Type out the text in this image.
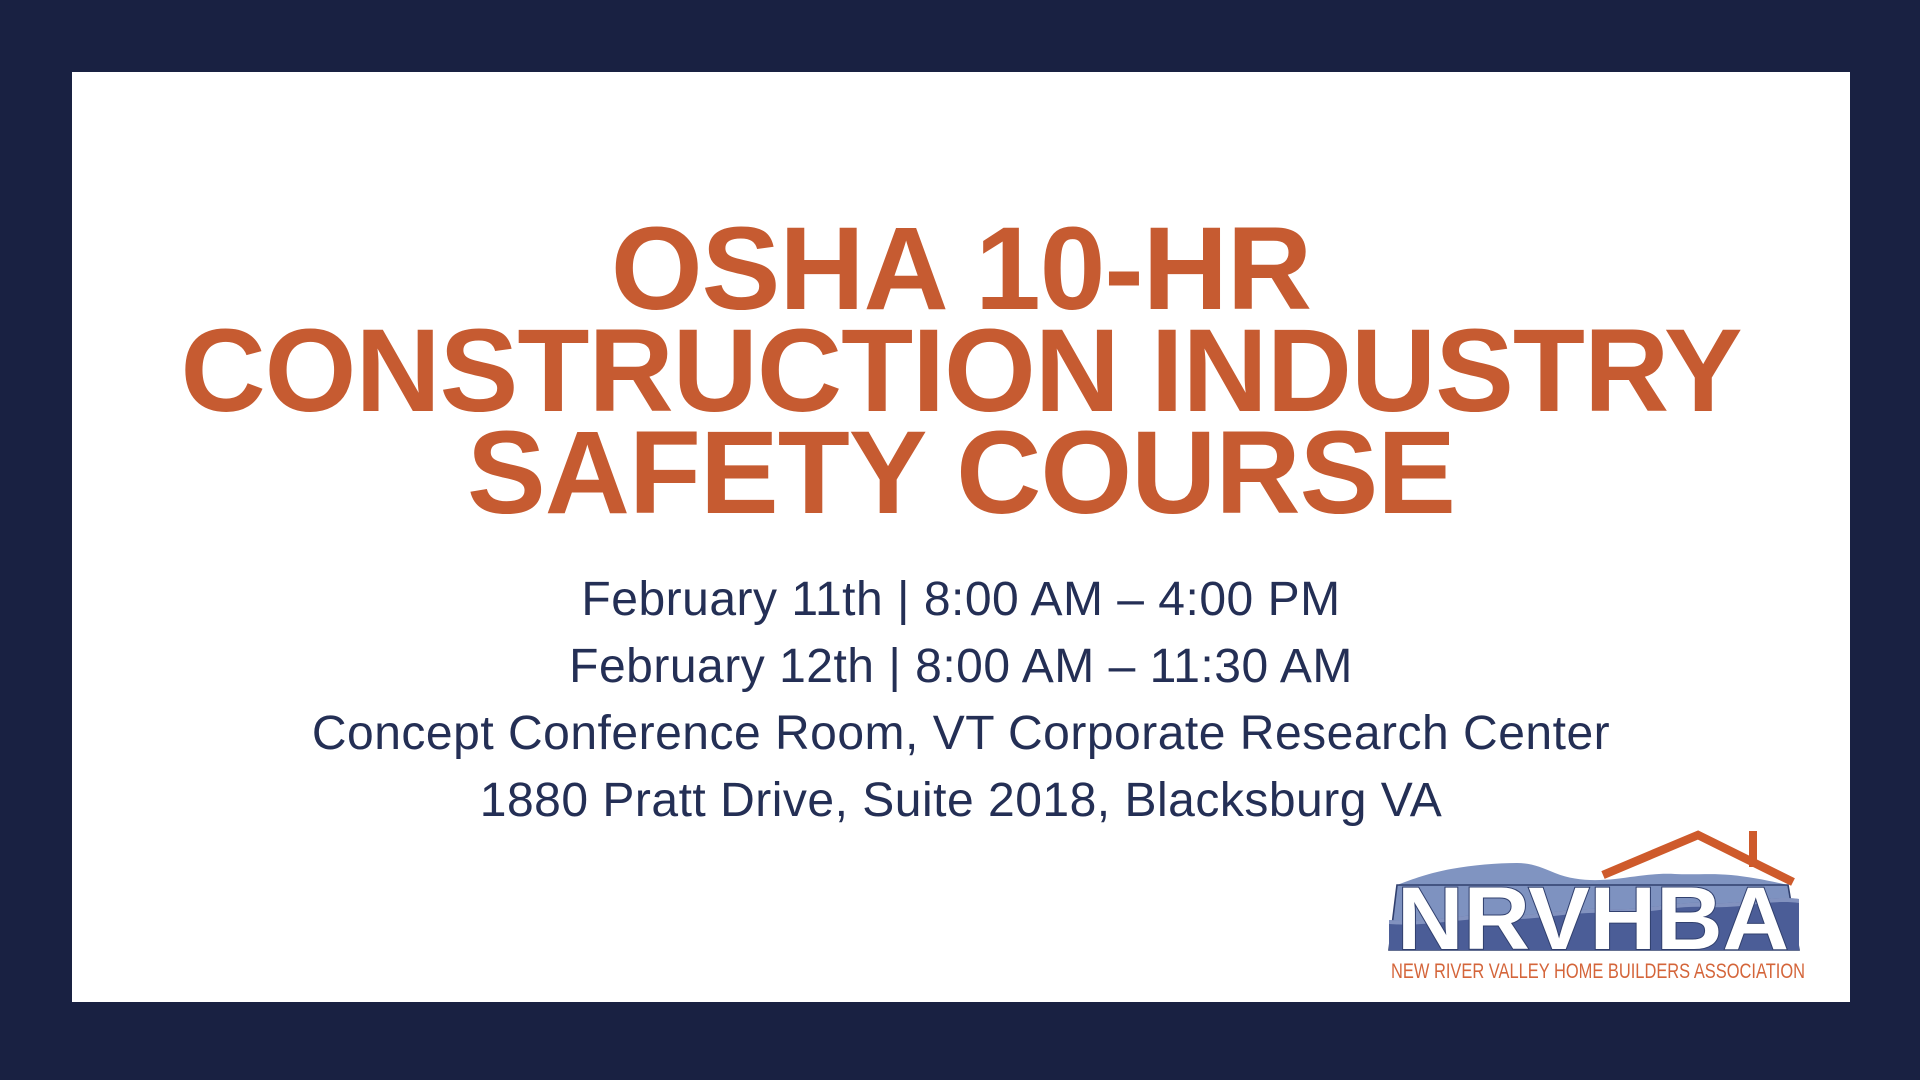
OSHA 10-HR
CONSTRUCTION INDUSTRY
SAFETY COURSE
February 11th | 8:00 AM – 4:00 PM
February 12th | 8:00 AM – 11:30 AM
Concept Conference Room, VT Corporate Research Center
1880 Pratt Drive, Suite 2018, Blacksburg VA
NRVHBA
NEW RIVER VALLEY HOME BUILDERS ASSOCIATION
